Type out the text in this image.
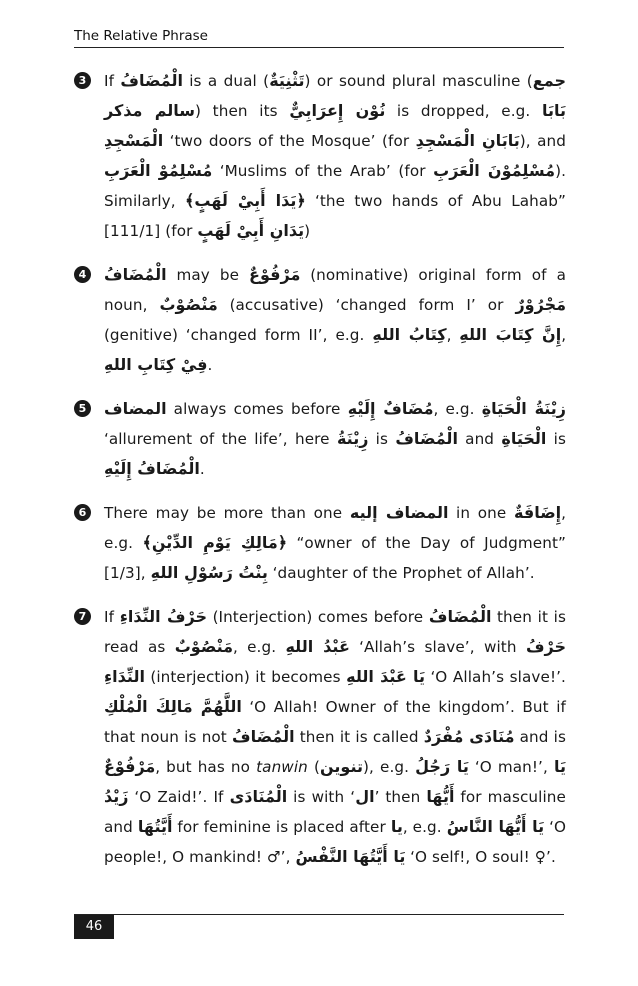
The Relative Phrase
3	If الْمُضَافُ is a dual (تَثْنِيَةٌ) or sound plural masculine (جمع سالم مذكر) then its نُوْن إِعرَابِيٌّ is dropped, e.g. بَابَا الْمَسْجِدِ ‘two doors of the Mosque’ (for بَابَانِ الْمَسْجِدِ), and مُسْلِمُوْ الْعَرَبِ ‘Muslims of the Arab’ (for مُسْلِمُوْنَ الْعَرَبِ). Similarly, ﴿يَدَا أَبِيْ لَهَبٍ﴾ ‘the two hands of Abu Lahab” [111/1] (for يَدَانِ أَبِيْ لَهَبٍ)

4 الْمُضَافُ may be مَرْفُوْعٌ (nominative) original form of a noun, مَنْصُوْبٌ (accusative) ‘changed form I’ or مَجْرُوْرٌ (genitive) ‘changed form II’, e.g. كِتَابُ اللهِ, إِنَّ كِتَابَ اللهِ, فِيْ كِتَابِ اللهِ.

5 المضاف always comes before مُضَافٌ إِلَيْهِ, e.g. زِيْنَةُ الْحَيَاةِ ‘allurement of the life’, here زِيْنَةُ is الْمُضَافُ and الْحَيَاةِ is الْمُضَافُ إِلَيْهِ.

6	There may be more than one المضاف إليه in one إِضَافَةٌ, e.g. ﴿مَالِكِ يَوْمِ الدِّيْنِ﴾ “owner of the Day of Judgment” [1/3], بِنْتُ رَسُوْلِ اللهِ ‘daughter of the Prophet of Allah’.

7	If حَرْفُ النِّدَاءِ (Interjection) comes before الْمُضَافُ then it is read as مَنْصُوْبٌ, e.g. عَبْدُ اللهِ ‘Allah’s slave’, with حَرْفُ النِّدَاءِ (interjection) it becomes يَا عَبْدَ اللهِ ‘O Allah’s slave!’. اللَّهُمَّ مَالِكَ الْمُلْكِ ‘O Allah! Owner of the kingdom’. But if that noun is not الْمُضَافُ then it is called مُنَادَى مُفْرَدٌ and is مَرْفُوْعٌ, but has no tanwin (تنوين), e.g. يَا رَجُلُ ‘O man!’, يَا زَيْدُ ‘O Zaid!’. If الْمُنَادَى is with ‘ال’ then أَيُّهَا for masculine and أَيَّتُهَا for feminine is placed after يا, e.g. يَا أَيُّهَا النَّاسُ ‘O people!, O mankind! ♂’, يَا أَيَّتُهَا النَّفْسُ ‘O self!, O soul! ♀’.

46
